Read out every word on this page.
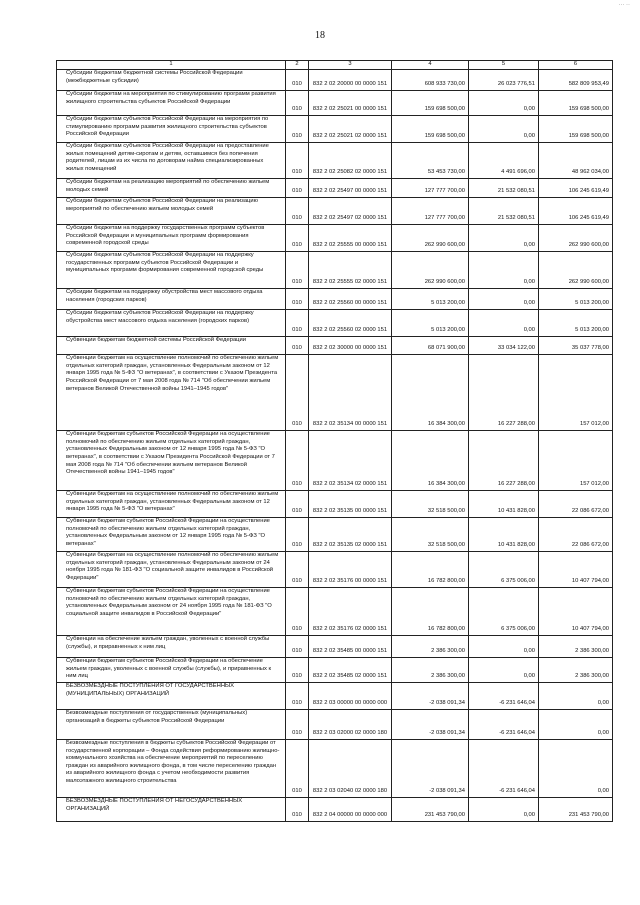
··· ··
18
1	2	3	4	5	6

Субсидии бюджетам бюджетной системы Российской Федерации (межбюджетные субсидии)	010	832 2 02 20000 00 0000 151	608 933 730,00	26 023 776,51	582 809 953,49

Субсидии бюджетам на мероприятия по стимулированию программ развития жилищного строительства субъектов Российской Федерации	010	832 2 02 25021 00 0000 151	159 698 500,00	0,00	159 698 500,00

Субсидии бюджетам субъектов Российской Федерации на мероприятия по стимулированию программ развития жилищного строительства субъектов Российской Федерации	010	832 2 02 25021 02 0000 151	159 698 500,00	0,00	159 698 500,00

Субсидии бюджетам субъектов Российской Федерации на предоставление жилых помещений детям-сиротам и детям, оставшимся без попечения родителей, лицам из их числа по договорам найма специализированных жилых помещений	010	832 2 02 25082 02 0000 151	53 453 730,00	4 491 696,00	48 962 034,00

Субсидии бюджетам на реализацию мероприятий по обеспечению жильем молодых семей	010	832 2 02 25497 00 0000 151	127 777 700,00	21 532 080,51	106 245 619,49

Субсидии бюджетам субъектов Российской Федерации на реализацию мероприятий по обеспечению жильем молодых семей	010	832 2 02 25497 02 0000 151	127 777 700,00	21 532 080,51	106 245 619,49

Субсидии бюджетам на поддержку государственных программ субъектов Российской Федерации и муниципальных программ формирования современной городской среды	010	832 2 02 25555 00 0000 151	262 990 600,00	0,00	262 990 600,00

Субсидии бюджетам субъектов Российской Федерации на поддержку государственных программ субъектов Российской Федерации и муниципальных программ формирования современной городской среды	010	832 2 02 25555 02 0000 151	262 990 600,00	0,00	262 990 600,00

Субсидии бюджетам на поддержку обустройства мест массового отдыха населения (городских парков)	010	832 2 02 25560 00 0000 151	5 013 200,00	0,00	5 013 200,00

Субсидии бюджетам субъектов Российской Федерации на поддержку обустройства мест массового отдыха населения (городских парков)	010	832 2 02 25560 02 0000 151	5 013 200,00	0,00	5 013 200,00

Субвенции бюджетам бюджетной системы Российской Федерации	010	832 2 02 30000 00 0000 151	68 071 900,00	33 034 122,00	35 037 778,00

Субвенции бюджетам на осуществление полномочий по обеспечению жильем отдельных категорий граждан, установленных Федеральным законом от 12 января 1995 года № 5-ФЗ "О ветеранах", в соответствии с Указом Президента Российской Федерации от 7 мая 2008 года № 714 "Об обеспечении жильем ветеранов Великой Отечественной войны 1941–1945 годов"	010	832 2 02 35134 00 0000 151	16 384 300,00	16 227 288,00	157 012,00

Субвенции бюджетам субъектов Российской Федерации на осуществление полномочий по обеспечению жильем отдельных категорий граждан, установленных Федеральным законом от 12 января 1995 года № 5-ФЗ "О ветеранах", в соответствии с Указом Президента Российской Федерации от 7 мая 2008 года № 714 "Об обеспечении жильем ветеранов Великой Отечественной войны 1941–1945 годов"	010	832 2 02 35134 02 0000 151	16 384 300,00	16 227 288,00	157 012,00

Субвенции бюджетам на осуществление полномочий по обеспечению жильем отдельных категорий граждан, установленных Федеральным законом от 12 января 1995 года № 5-ФЗ "О ветеранах"	010	832 2 02 35135 00 0000 151	32 518 500,00	10 431 828,00	22 086 672,00

Субвенции бюджетам субъектов Российской Федерации на осуществление полномочий по обеспечению жильем отдельных категорий граждан, установленных Федеральным законом от 12 января 1995 года № 5-ФЗ "О ветеранах"	010	832 2 02 35135 02 0000 151	32 518 500,00	10 431 828,00	22 086 672,00

Субвенции бюджетам на осуществление полномочий по обеспечению жильем отдельных категорий граждан, установленных Федеральным законом от 24 ноября 1995 года № 181-ФЗ "О социальной защите инвалидов в Российской Федерации"	010	832 2 02 35176 00 0000 151	16 782 800,00	6 375 006,00	10 407 794,00

Субвенции бюджетам субъектов Российской Федерации на осуществление полномочий по обеспечению жильем отдельных категорий граждан, установленных Федеральным законом от 24 ноября 1995 года № 181-ФЗ "О социальной защите инвалидов в Российской Федерации"	010	832 2 02 35176 02 0000 151	16 782 800,00	6 375 006,00	10 407 794,00

Субвенции на обеспечение жильем граждан, уволенных с военной службы (службы), и приравненных к ним лиц	010	832 2 02 35485 00 0000 151	2 386 300,00	0,00	2 386 300,00

Субвенции бюджетам субъектов Российской Федерации на обеспечение жильем граждан, уволенных с военной службы (службы), и приравненных к ним лиц	010	832 2 02 35485 02 0000 151	2 386 300,00	0,00	2 386 300,00

БЕЗВОЗМЕЗДНЫЕ ПОСТУПЛЕНИЯ ОТ ГОСУДАРСТВЕННЫХ (МУНИЦИПАЛЬНЫХ) ОРГАНИЗАЦИЙ	010	832 2 03 00000 00 0000 000	-2 038 091,34	-6 231 646,04	0,00

Безвозмездные поступления от государственных (муниципальных) организаций в бюджеты субъектов Российской Федерации	010	832 2 03 02000 02 0000 180	-2 038 091,34	-6 231 646,04	0,00

Безвозмездные поступления в бюджеты субъектов Российской Федерации от государственной корпорации – Фонда содействия реформированию жилищно-коммунального хозяйства на обеспечение мероприятий по переселению граждан из аварийного жилищного фонда, в том числе переселению граждан из аварийного жилищного фонда с учетом необходимости развития малоэтажного жилищного строительства	010	832 2 03 02040 02 0000 180	-2 038 091,34	-6 231 646,04	0,00

БЕЗВОЗМЕЗДНЫЕ ПОСТУПЛЕНИЯ ОТ НЕГОСУДАРСТВЕННЫХ ОРГАНИЗАЦИЙ	010	832 2 04 00000 00 0000 000	231 453 790,00	0,00	231 453 790,00
